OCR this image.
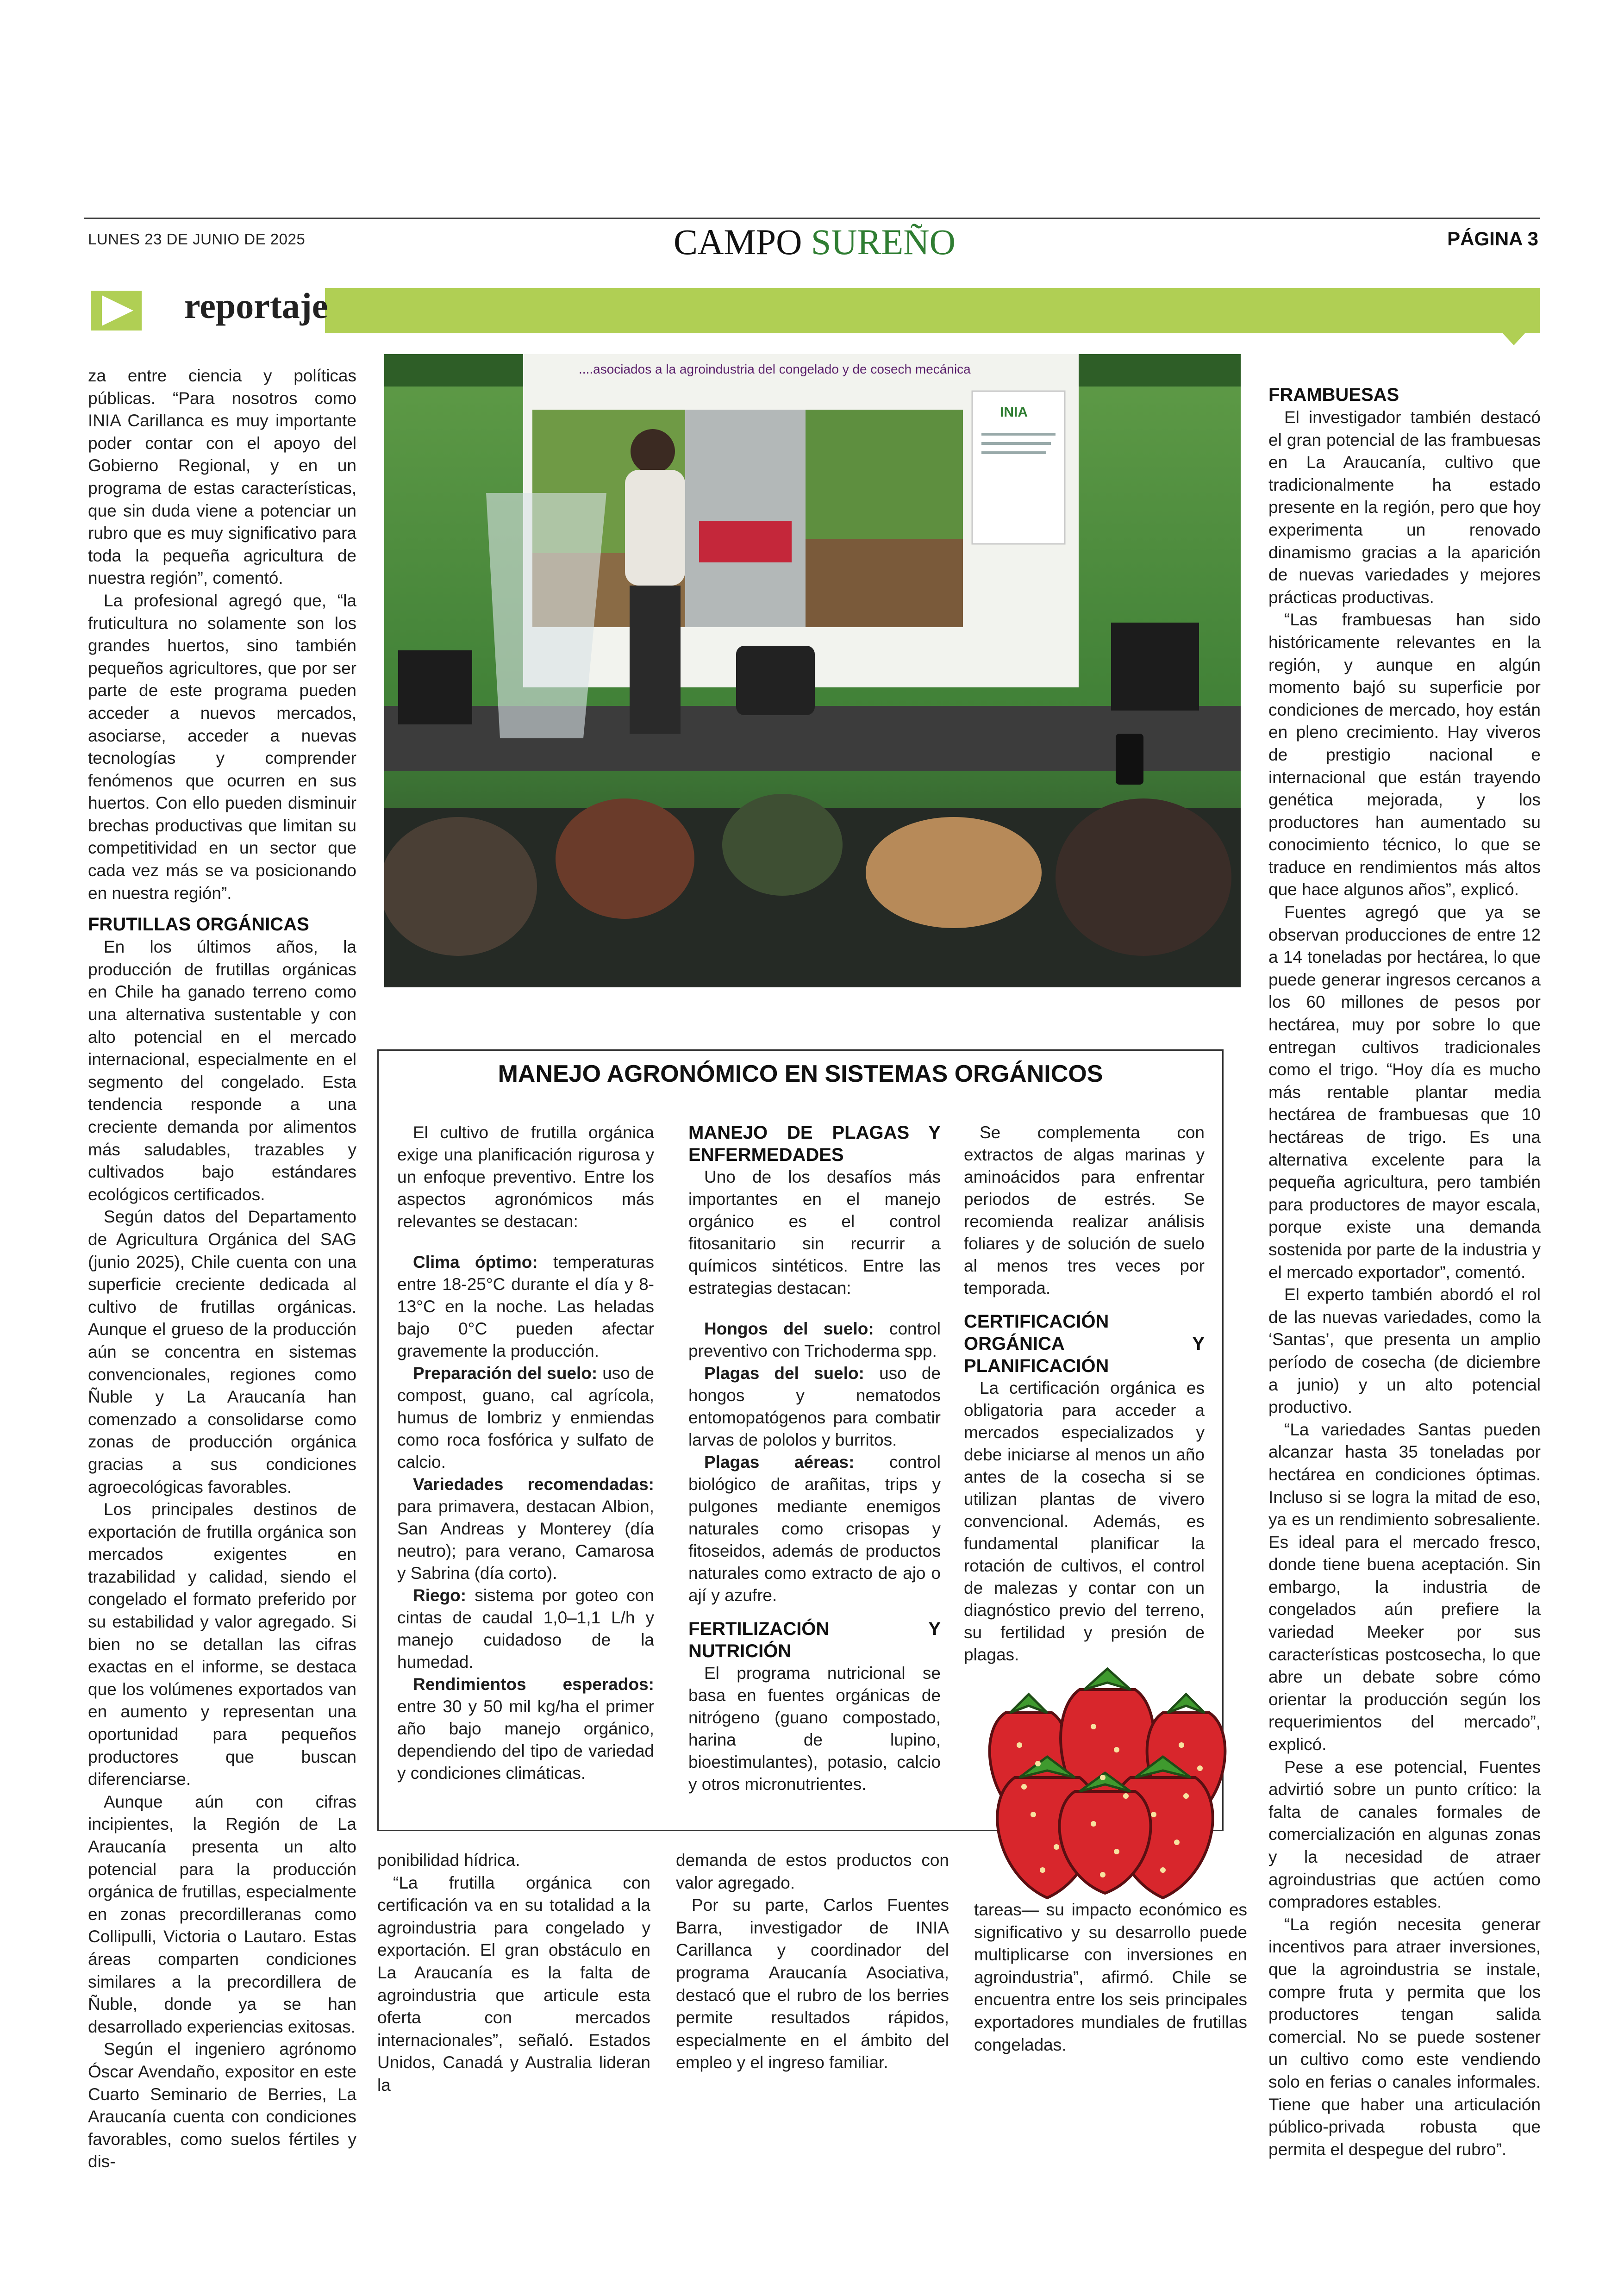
LUNES 23 DE JUNIO DE 2025	CAMPO SUREÑO	PÁGINA 3
reportaje

za entre ciencia y políticas públicas. “Para nosotros como INIA Carillanca es muy importante poder contar con el apoyo del Gobierno Regional, y en un programa de estas características, que sin duda viene a potenciar un rubro que es muy significativo para toda la pequeña agricultura de nuestra región”, comentó.

La profesional agregó que, “la fruticultura no solamente son los grandes huertos, sino también pequeños agricultores, que por ser parte de este programa pueden acceder a nuevos mercados, asociarse, acceder a nuevas tecnologías y comprender fenómenos que ocurren en sus huertos. Con ello pueden disminuir brechas productivas que limitan su competitividad en un sector que cada vez más se va posicionando en nuestra región”.

FRUTILLAS ORGÁNICAS

En los últimos años, la producción de frutillas orgánicas en Chile ha ganado terreno como una alternativa sustentable y con alto potencial en el mercado internacional, especialmente en el segmento del congelado. Esta tendencia responde a una creciente demanda por alimentos más saludables, trazables y cultivados bajo estándares ecológicos certificados.

Según datos del Departamento de Agricultura Orgánica del SAG (junio 2025), Chile cuenta con una superficie creciente dedicada al cultivo de frutillas orgánicas. Aunque el grueso de la producción aún se concentra en sistemas convencionales, regiones como Ñuble y La Araucanía han comenzado a consolidarse como zonas de producción orgánica gracias a sus condiciones agroecológicas favorables.

Los principales destinos de exportación de frutilla orgánica son mercados exigentes en trazabilidad y calidad, siendo el congelado el formato preferido por su estabilidad y valor agregado. Si bien no se detallan las cifras exactas en el informe, se destaca que los volúmenes exportados van en aumento y representan una oportunidad para pequeños productores que buscan diferenciarse.

Aunque aún con cifras incipientes, la Región de La Araucanía presenta un alto potencial para la producción orgánica de frutillas, especialmente en zonas precordilleranas como Collipulli, Victoria o Lautaro. Estas áreas comparten condiciones similares a la precordillera de Ñuble, donde ya se han desarrollado experiencias exitosas.

Según el ingeniero agrónomo Óscar Avendaño, expositor en este Cuarto Seminario de Berries, La Araucanía cuenta con condiciones favorables, como suelos fértiles y dis-

....asociados a la agroindustria del congelado y de cosech mecánica
INIA
MANEJO AGRONÓMICO EN SISTEMAS ORGÁNICOS

El cultivo de frutilla orgánica exige una planificación rigurosa y un enfoque preventivo. Entre los aspectos agronómicos más relevantes se destacan:

Clima óptimo: temperaturas entre 18-25°C durante el día y 8-13°C en la noche. Las heladas bajo 0°C pueden afectar gravemente la producción.

Preparación del suelo: uso de compost, guano, cal agrícola, humus de lombriz y enmiendas como roca fosfórica y sulfato de calcio.

Variedades recomendadas: para primavera, destacan Albion, San Andreas y Monterey (día neutro); para verano, Camarosa y Sabrina (día corto).

Riego: sistema por goteo con cintas de caudal 1,0–1,1 L/h y manejo cuidadoso de la humedad.

Rendimientos esperados: entre 30 y 50 mil kg/ha el primer año bajo manejo orgánico, dependiendo del tipo de variedad y condiciones climáticas.

MANEJO DE PLAGAS Y ENFERMEDADES

Uno de los desafíos más importantes en el manejo orgánico es el control fitosanitario sin recurrir a químicos sintéticos. Entre las estrategias destacan:

Hongos del suelo: control preventivo con Trichoderma spp.

Plagas del suelo: uso de hongos y nematodos entomopatógenos para combatir larvas de pololos y burritos.

Plagas aéreas: control biológico de arañitas, trips y pulgones mediante enemigos naturales como crisopas y fitoseidos, además de productos naturales como extracto de ajo o ají y azufre.

FERTILIZACIÓN Y NUTRICIÓN

El programa nutricional se basa en fuentes orgánicas de nitrógeno (guano compostado, harina de lupino, bioestimulantes), potasio, calcio y otros micronutrientes.

Se complementa con extractos de algas marinas y aminoácidos para enfrentar periodos de estrés. Se recomienda realizar análisis foliares y de solución de suelo al menos tres veces por temporada.

CERTIFICACIÓN ORGÁNICA Y PLANIFICACIÓN

La certificación orgánica es obligatoria para acceder a mercados especializados y debe iniciarse al menos un año antes de la cosecha si se utilizan plantas de vivero convencional. Además, es fundamental planificar la rotación de cultivos, el control de malezas y contar con un diagnóstico previo del terreno, su fertilidad y presión de plagas.

ponibilidad hídrica.

“La frutilla orgánica con certificación va en su totalidad a la agroindustria para congelado y exportación. El gran obstáculo en La Araucanía es la falta de agroindustria que articule esta oferta con mercados internacionales”, señaló. Estados Unidos, Canadá y Australia lideran la

demanda de estos productos con valor agregado.

Por su parte, Carlos Fuentes Barra, investigador de INIA Carillanca y coordinador del programa Araucanía Asociativa, destacó que el rubro de los berries permite resultados rápidos, especialmente en el ámbito del empleo y el ingreso familiar.

tareas— su impacto económico es significativo y su desarrollo puede multiplicarse con inversiones en agroindustria”, afirmó. Chile se encuentra entre los seis principales exportadores mundiales de frutillas congeladas.

FRAMBUESAS

El investigador también destacó el gran potencial de las frambuesas en La Araucanía, cultivo que tradicionalmente ha estado presente en la región, pero que hoy experimenta un renovado dinamismo gracias a la aparición de nuevas variedades y mejores prácticas productivas.

“Las frambuesas han sido históricamente relevantes en la región, y aunque en algún momento bajó su superficie por condiciones de mercado, hoy están en pleno crecimiento. Hay viveros de prestigio nacional e internacional que están trayendo genética mejorada, y los productores han aumentado su conocimiento técnico, lo que se traduce en rendimientos más altos que hace algunos años”, explicó.

Fuentes agregó que ya se observan producciones de entre 12 a 14 toneladas por hectárea, lo que puede generar ingresos cercanos a los 60 millones de pesos por hectárea, muy por sobre lo que entregan cultivos tradicionales como el trigo. “Hoy día es mucho más rentable plantar media hectárea de frambuesas que 10 hectáreas de trigo. Es una alternativa excelente para la pequeña agricultura, pero también para productores de mayor escala, porque existe una demanda sostenida por parte de la industria y el mercado exportador”, comentó.

El experto también abordó el rol de las nuevas variedades, como la ‘Santas’, que presenta un amplio período de cosecha (de diciembre a junio) y un alto potencial productivo.

“La variedades Santas pueden alcanzar hasta 35 toneladas por hectárea en condiciones óptimas. Incluso si se logra la mitad de eso, ya es un rendimiento sobresaliente. Es ideal para el mercado fresco, donde tiene buena aceptación. Sin embargo, la industria de congelados aún prefiere la variedad Meeker por sus características postcosecha, lo que abre un debate sobre cómo orientar la producción según los requerimientos del mercado”, explicó.

Pese a ese potencial, Fuentes advirtió sobre un punto crítico: la falta de canales formales de comercialización en algunas zonas y la necesidad de atraer agroindustrias que actúen como compradores estables.

“La región necesita generar incentivos para atraer inversiones, que la agroindustria se instale, compre fruta y permita que los productores tengan salida comercial. No se puede sostener un cultivo como este vendiendo solo en ferias o canales informales. Tiene que haber una articulación público-privada robusta que permita el despegue del rubro”.
